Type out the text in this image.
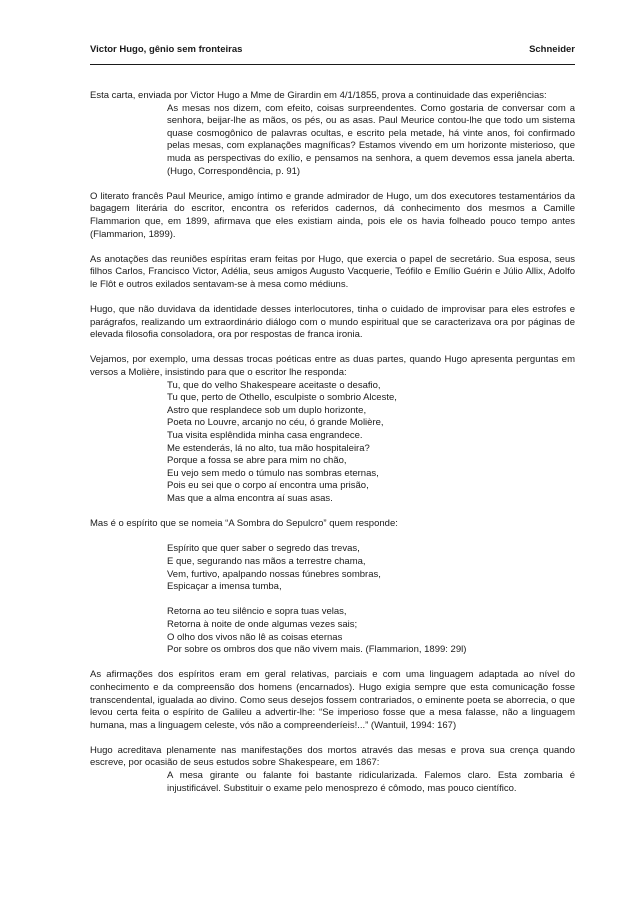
Victor Hugo, gênio sem fronteiras	Schneider

Esta carta, enviada por Victor Hugo a Mme de Girardin em 4/1/1855, prova a continuidade das experiências:

As mesas nos dizem, com efeito, coisas surpreendentes. Como gostaria de conversar com a senhora, beijar-lhe as mãos, os pés, ou as asas. Paul Meurice contou-lhe que todo um sistema quase cosmogônico de palavras ocultas, e escrito pela metade, há vinte anos, foi confirmado pelas mesas, com explanações magníficas? Estamos vivendo em um horizonte misterioso, que muda as perspectivas do exílio, e pensamos na senhora, a quem devemos essa janela aberta. (Hugo, Correspondência, p. 91)

O literato francês Paul Meurice, amigo íntimo e grande admirador de Hugo, um dos executores testamentários da bagagem literária do escritor, encontra os referidos cadernos, dá conhecimento dos mesmos a Camille Flammarion que, em 1899, afirmava que eles existiam ainda, pois ele os havia folheado pouco tempo antes (Flammarion, 1899).

As anotações das reuniões espíritas eram feitas por Hugo, que exercia o papel de secretário. Sua esposa, seus filhos Carlos, Francisco Victor, Adélia, seus amigos Augusto Vacquerie, Teófilo e Emílio Guérin e Júlio Allix, Adolfo le Flôt e outros exilados sentavam-se à mesa como médiuns.

Hugo, que não duvidava da identidade desses interlocutores, tinha o cuidado de improvisar para eles estrofes e parágrafos, realizando um extraordinário diálogo com o mundo espiritual que se caracterizava ora por páginas de elevada filosofia consoladora, ora por respostas de franca ironia.

Vejamos, por exemplo, uma dessas trocas poéticas entre as duas partes, quando Hugo apresenta perguntas em versos a Molière, insistindo para que o escritor lhe responda:

Tu, que do velho Shakespeare aceitaste o desafio,
Tu que, perto de Othello, esculpiste o sombrio Alceste,
Astro que resplandece sob um duplo horizonte,
Poeta no Louvre, arcanjo no céu, ó grande Molière,
Tua visita esplêndida minha casa engrandece.
Me estenderás, lá no alto, tua mão hospitaleira?
Porque a fossa se abre para mim no chão,
Eu vejo sem medo o túmulo nas sombras eternas,
Pois eu sei que o corpo aí encontra uma prisão,
Mas que a alma encontra aí suas asas.

Mas é o espírito que se nomeia “A Sombra do Sepulcro” quem responde:

Espírito que quer saber o segredo das trevas,
E que, segurando nas mãos a terrestre chama,
Vem, furtivo, apalpando nossas fúnebres sombras,
Espicaçar a imensa tumba,
Retorna ao teu silêncio e sopra tuas velas,
Retorna à noite de onde algumas vezes sais;
O olho dos vivos não lê as coisas eternas
Por sobre os ombros dos que não vivem mais. (Flammarion, 1899: 29l)

As afirmações dos espíritos eram em geral relativas, parciais e com uma linguagem adaptada ao nível do conhecimento e da compreensão dos homens (encarnados). Hugo exigia sempre que esta comunicação fosse transcendental, igualada ao divino. Como seus desejos fossem contrariados, o eminente poeta se aborrecia, o que levou certa feita o espírito de Galileu a advertir-lhe: “Se imperioso fosse que a mesa falasse, não a linguagem humana, mas a linguagem celeste, vós não a compreenderíeis!...” (Wantuil, 1994: 167)

Hugo acreditava plenamente nas manifestações dos mortos através das mesas e prova sua crença quando escreve, por ocasião de seus estudos sobre Shakespeare, em 1867:

A mesa girante ou falante foi bastante ridicularizada. Falemos claro. Esta zombaria é injustificável. Substituir o exame pelo menosprezo é cômodo, mas pouco científico.
